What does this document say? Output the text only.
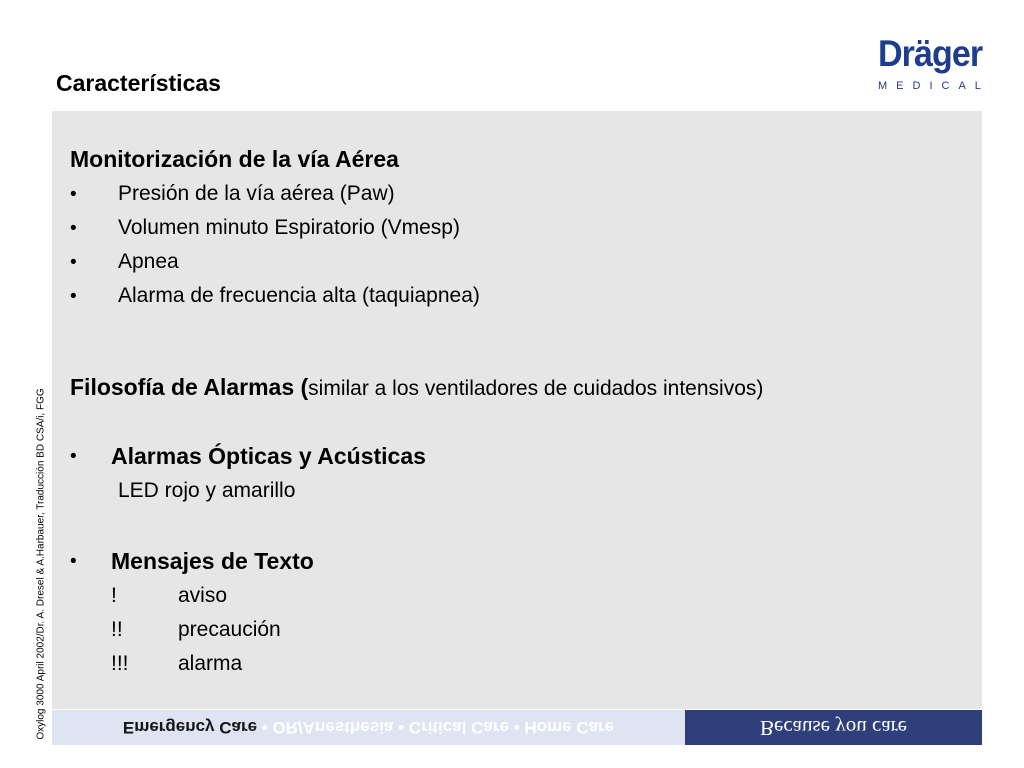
Características
Dräger
MEDICAL
Oxylog 3000 April 2002/Dr. A. Dresel & A.Harbauer, Traducción BD CSA/i, FGG
Monitorización de la vía Aérea
• Presión de la vía aérea (Paw)
• Volumen minuto Espiratorio (Vmesp)
• Apnea
• Alarma de frecuencia alta (taquiapnea)
Filosofía de Alarmas (similar a los ventiladores de cuidados intensivos)
• Alarmas Ópticas y Acústicas
LED rojo y amarillo
• Mensajes de Texto
!	aviso
!!	precaución
!!! alarma
Emergency Care • OR/Anesthesia • Critical Care • Home Care	Because you care
